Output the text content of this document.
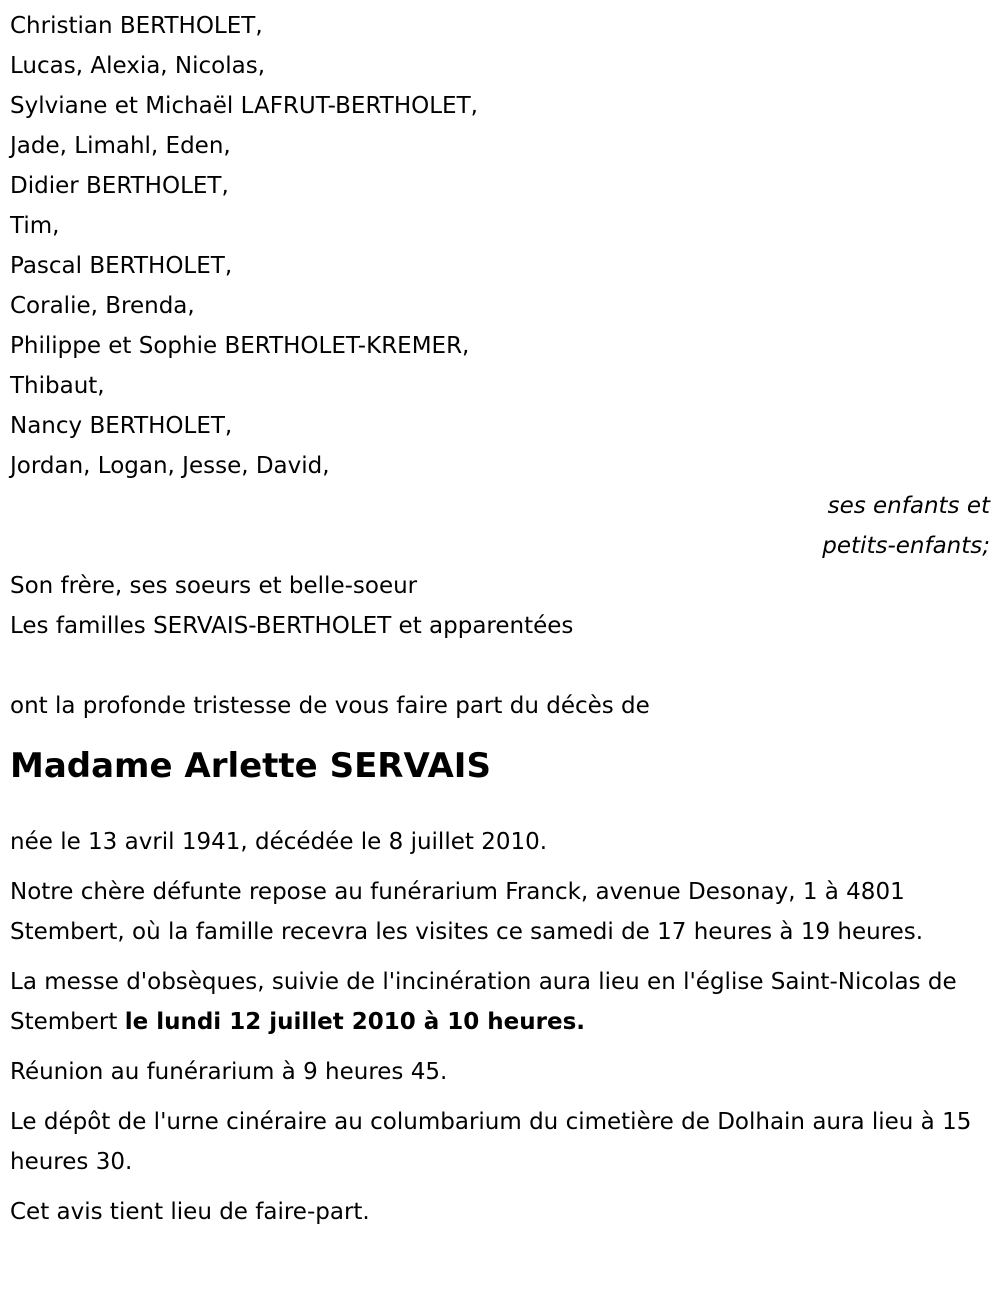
Christian BERTHOLET,
Lucas, Alexia, Nicolas,
Sylviane et Michaël LAFRUT-BERTHOLET,
Jade, Limahl, Eden,
Didier BERTHOLET,
Tim,
Pascal BERTHOLET,
Coralie, Brenda,
Philippe et Sophie BERTHOLET-KREMER,
Thibaut,
Nancy BERTHOLET,
Jordan, Logan, Jesse, David,
ses enfants et
petits-enfants;
Son frère, ses soeurs et belle-soeur
Les familles SERVAIS-BERTHOLET et apparentées
ont la profonde tristesse de vous faire part du décès de
Madame Arlette SERVAIS

née le 13 avril 1941, décédée le 8 juillet 2010.

Notre chère défunte repose au funérarium Franck, avenue Desonay, 1 à 4801 Stembert, où la famille recevra les visites ce samedi de 17 heures à 19 heures.

La messe d'obsèques, suivie de l'incinération aura lieu en l'église Saint-Nicolas de Stembert le lundi 12 juillet 2010 à 10 heures.

Réunion au funérarium à 9 heures 45.

Le dépôt de l'urne cinéraire au columbarium du cimetière de Dolhain aura lieu à 15 heures 30.

Cet avis tient lieu de faire-part.
